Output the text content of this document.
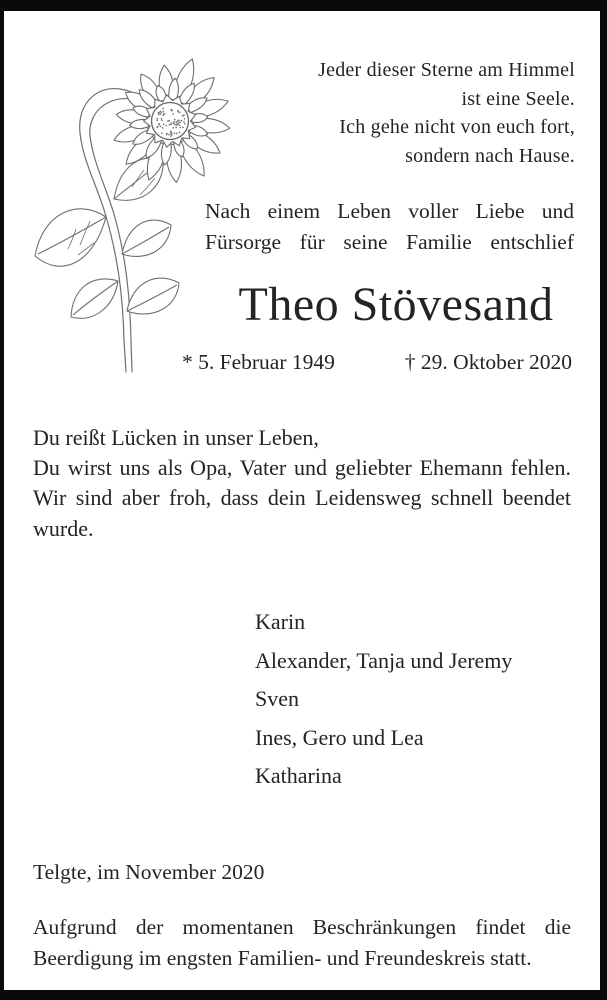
Jeder dieser Sterne am Himmel
ist eine Seele.
Ich gehe nicht von euch fort,
sondern nach Hause.
Nach einem Leben voller Liebe und
Fürsorge für seine Familie entschlief
Theo Stövesand
* 5. Februar 1949	† 29. Oktober 2020
Du reißt Lücken in unser Leben,
Du wirst uns als Opa, Vater und geliebter Ehemann fehlen. Wir sind aber froh, dass dein Leidensweg schnell beendet wurde.
Karin
Alexander, Tanja und Jeremy
Sven
Ines, Gero und Lea
Katharina
Telgte, im November 2020
Aufgrund der momentanen Beschränkungen findet die Beerdigung im engsten Familien- und Freundeskreis statt.
